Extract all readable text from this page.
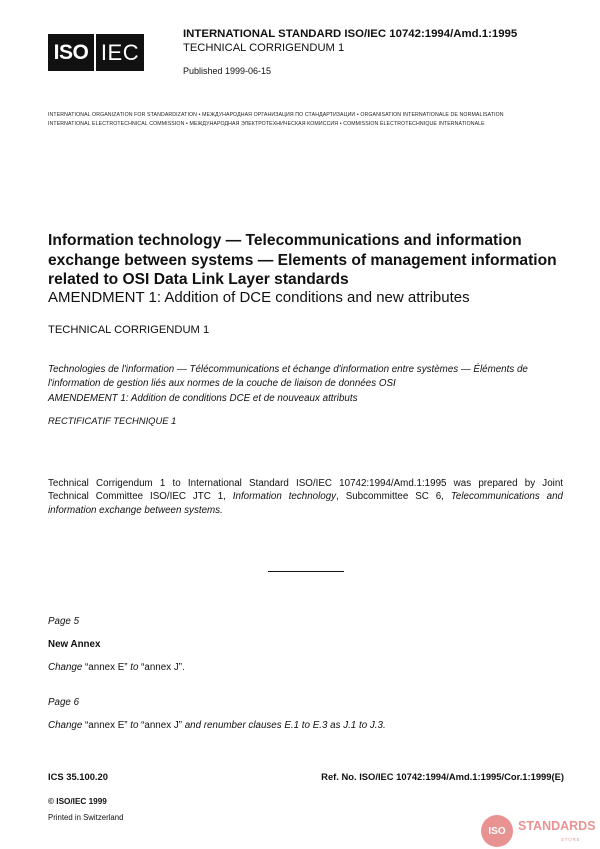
ISO IEC
INTERNATIONAL STANDARD ISO/IEC 10742:1994/Amd.1:1995
TECHNICAL CORRIGENDUM 1
Published 1999-06-15
INTERNATIONAL ORGANIZATION FOR STANDARDIZATION • МЕЖДУНАРОДНАЯ ОРГАНИЗАЦИЯ ПО СТАНДАРТИЗАЦИИ • ORGANISATION INTERNATIONALE DE NORMALISATION
INTERNATIONAL ELECTROTECHNICAL COMMISSION • МЕЖДУНАРОДНАЯ ЭЛЕКТРОТЕХНИЧЕСКАЯ КОМИССИЯ • COMMISSION ÉLECTROTECHNIQUE INTERNATIONALE
Information technology — Telecommunications and information exchange between systems — Elements of management information related to OSI Data Link Layer standards
AMENDMENT 1: Addition of DCE conditions and new attributes
TECHNICAL CORRIGENDUM 1
Technologies de l'information — Télécommunications et échange d'information entre systèmes — Éléments de l'information de gestion liés aux normes de la couche de liaison de données OSI
AMENDEMENT 1: Addition de conditions DCE et de nouveaux attributs
RECTIFICATIF TECHNIQUE 1
Technical Corrigendum 1 to International Standard ISO/IEC 10742:1994/Amd.1:1995 was prepared by Joint
Technical Committee ISO/IEC JTC 1, Information technology, Subcommittee SC 6, Telecommunications and
information exchange between systems.
Page 5
New Annex
Change “annex E” to “annex J”.
Page 6
Change “annex E” to “annex J” and renumber clauses E.1 to E.3 as J.1 to J.3.
ICS 35.100.20	Ref. No. ISO/IEC 10742:1994/Amd.1:1995/Cor.1:1999(E)
© ISO/IEC 1999
Printed in Switzerland
ISO STANDARDS
STORE
